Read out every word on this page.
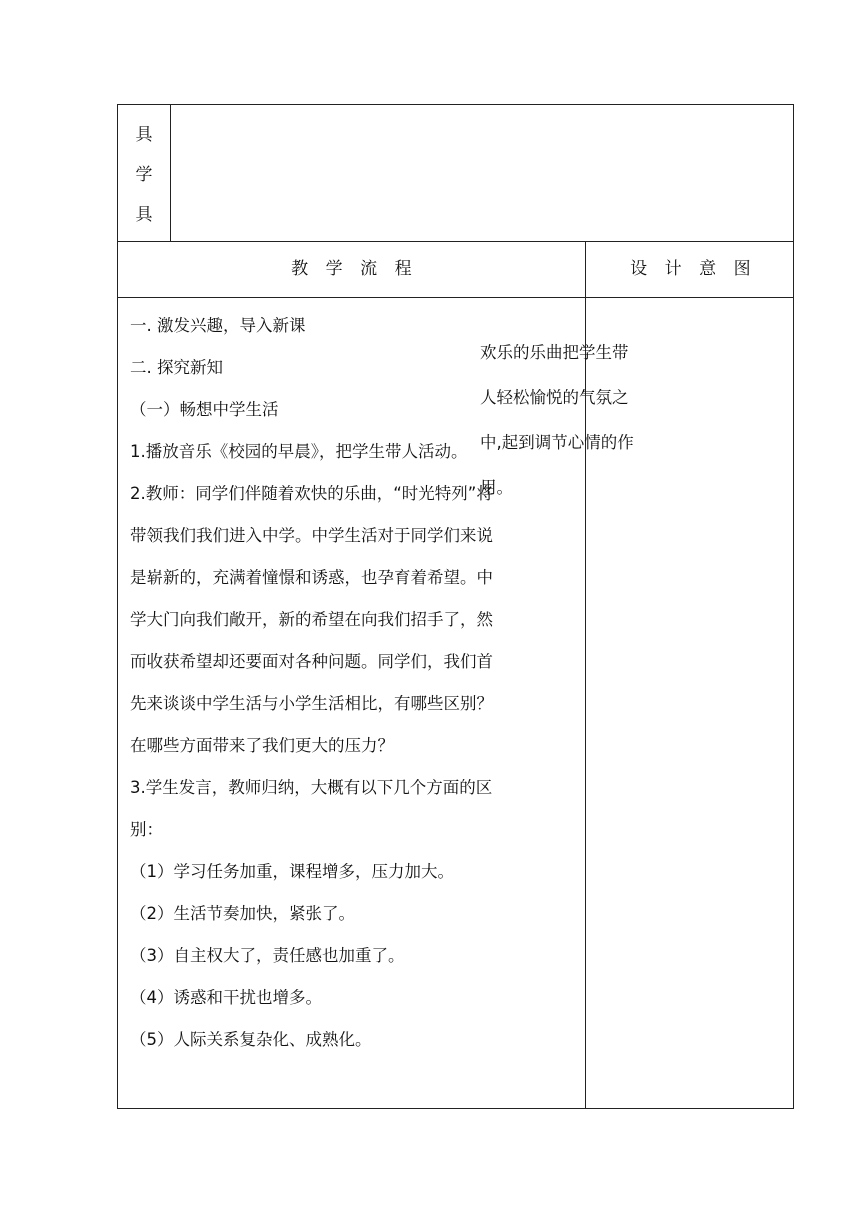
具
学
具
教　学　流　程	设　计　意　图

一. 激发兴趣，导入新课

二. 探究新知

（一）畅想中学生活

1.播放音乐《校园的早晨》，把学生带人活动。

2.教师：同学们伴随着欢快的乐曲，“时光特列”将

带领我们我们进入中学。中学生活对于同学们来说

是崭新的，充满着憧憬和诱惑，也孕育着希望。中

学大门向我们敞开，新的希望在向我们招手了，然

而收获希望却还要面对各种问题。同学们，我们首

先来谈谈中学生活与小学生活相比，有哪些区别？

在哪些方面带来了我们更大的压力？

3.学生发言，教师归纳，大概有以下几个方面的区

别：

（1）学习任务加重，课程增多，压力加大。

（2）生活节奏加快，紧张了。

（3）自主权大了，责任感也加重了。

（4）诱惑和干扰也增多。

（5）人际关系复杂化、成熟化。

欢乐的乐曲把学生带

人轻松愉悦的气氛之

中,起到调节心情的作

用。
